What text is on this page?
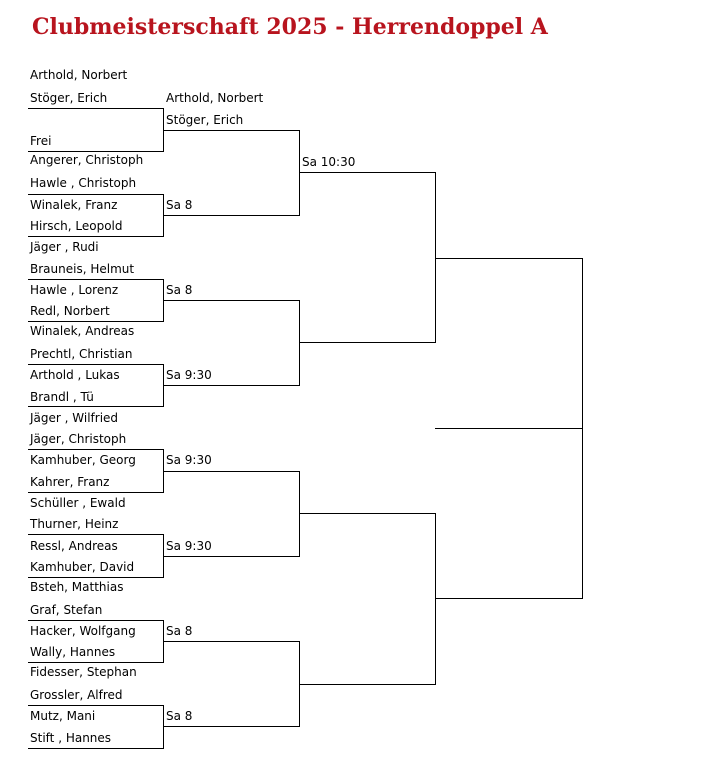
Clubmeisterschaft 2025 - Herrendoppel A
Arthold, Norbert
Stöger, Erich
Frei
Angerer, Christoph
Hawle , Christoph
Winalek, Franz
Hirsch, Leopold
Jäger , Rudi
Brauneis, Helmut
Hawle , Lorenz
Redl, Norbert
Winalek, Andreas
Prechtl, Christian
Arthold , Lukas
Brandl , Tü
Jäger , Wilfried
Jäger, Christoph
Kamhuber, Georg
Kahrer, Franz
Schüller , Ewald
Thurner, Heinz
Ressl, Andreas
Kamhuber, David
Bsteh, Matthias
Graf, Stefan
Hacker, Wolfgang
Wally, Hannes
Fidesser, Stephan
Grossler, Alfred
Mutz, Mani
Stift , Hannes
Arthold, Norbert
Stöger, Erich
Sa 8
Sa 8
Sa 9:30
Sa 9:30
Sa 9:30
Sa 8
Sa 8
Sa 10:30
